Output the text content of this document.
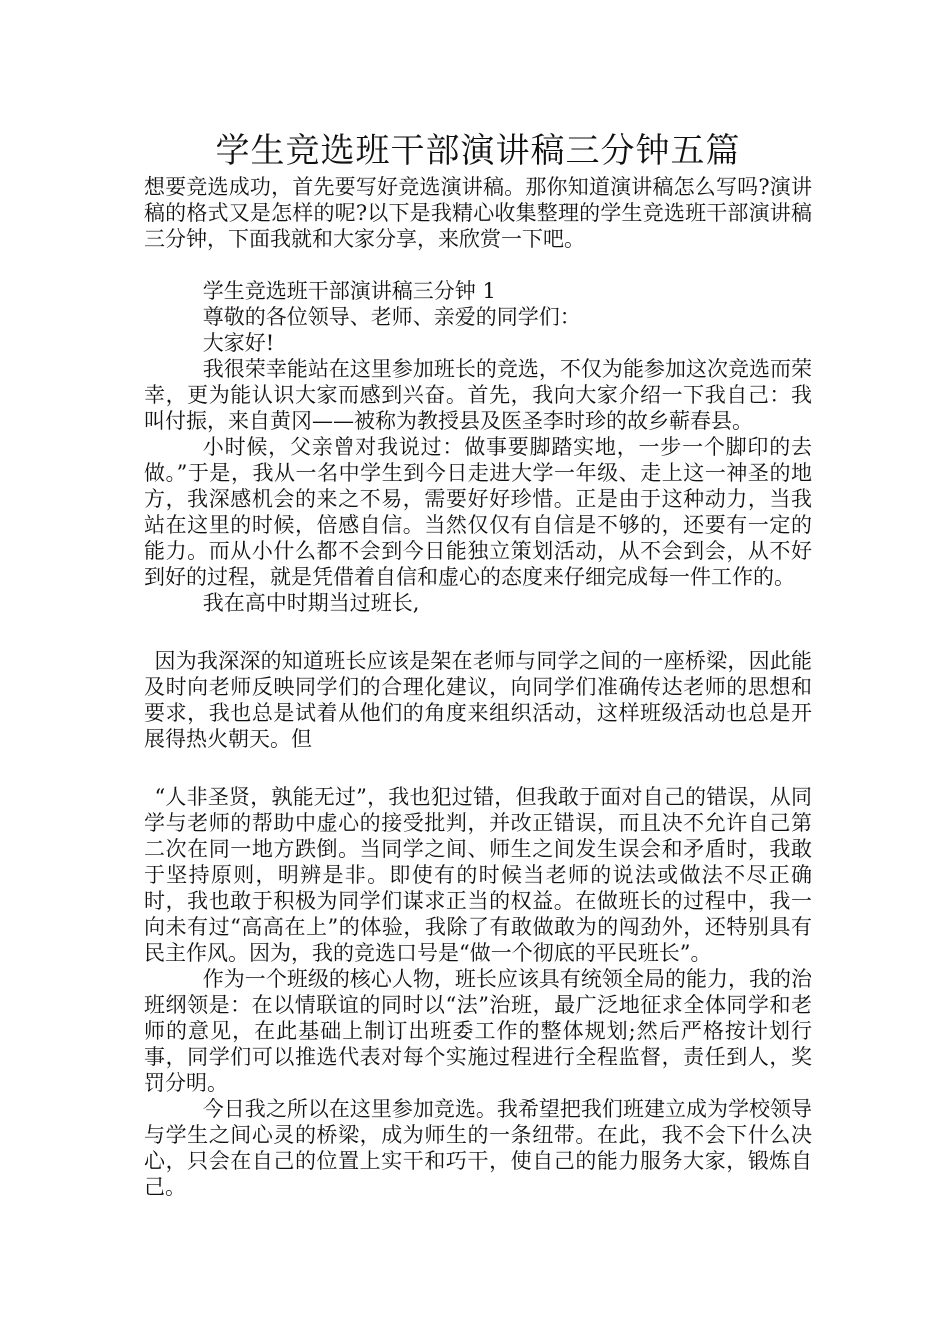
学生竞选班干部演讲稿三分钟五篇

想要竞选成功，首先要写好竞选演讲稿。那你知道演讲稿怎么写吗?演讲稿的格式又是怎样的呢?以下是我精心收集整理的学生竞选班干部演讲稿三分钟，下面我就和大家分享，来欣赏一下吧。

学生竞选班干部演讲稿三分钟 1

尊敬的各位领导、老师、亲爱的同学们：

大家好!

我很荣幸能站在这里参加班长的竞选，不仅为能参加这次竞选而荣幸，更为能认识大家而感到兴奋。首先，我向大家介绍一下我自己：我叫付振，来自黄冈——被称为教授县及医圣李时珍的故乡蕲春县。

小时候，父亲曾对我说过：做事要脚踏实地，一步一个脚印的去做。”于是，我从一名中学生到今日走进大学一年级、走上这一神圣的地方，我深感机会的来之不易，需要好好珍惜。正是由于这种动力，当我站在这里的时候，倍感自信。当然仅仅有自信是不够的，还要有一定的能力。而从小什么都不会到今日能独立策划活动，从不会到会，从不好到好的过程，就是凭借着自信和虚心的态度来仔细完成每一件工作的。

我在高中时期当过班长,

因为我深深的知道班长应该是架在老师与同学之间的一座桥梁，因此能及时向老师反映同学们的合理化建议，向同学们准确传达老师的思想和要求，我也总是试着从他们的角度来组织活动，这样班级活动也总是开展得热火朝天。但

“人非圣贤，孰能无过”，我也犯过错，但我敢于面对自己的错误，从同学与老师的帮助中虚心的接受批判，并改正错误，而且决不允许自己第二次在同一地方跌倒。当同学之间、师生之间发生误会和矛盾时，我敢于坚持原则，明辨是非。即使有的时候当老师的说法或做法不尽正确时，我也敢于积极为同学们谋求正当的权益。在做班长的过程中，我一向未有过“高高在上”的体验，我除了有敢做敢为的闯劲外，还特别具有民主作风。因为，我的竞选口号是“做一个彻底的平民班长”。

作为一个班级的核心人物，班长应该具有统领全局的能力，我的治班纲领是：在以情联谊的同时以“法”治班，最广泛地征求全体同学和老师的意见，在此基础上制订出班委工作的整体规划;然后严格按计划行事，同学们可以推选代表对每个实施过程进行全程监督，责任到人，奖罚分明。

今日我之所以在这里参加竞选。我希望把我们班建立成为学校领导与学生之间心灵的桥梁，成为师生的一条纽带。在此，我不会下什么决心，只会在自己的位置上实干和巧干，使自己的能力服务大家，锻炼自己。
